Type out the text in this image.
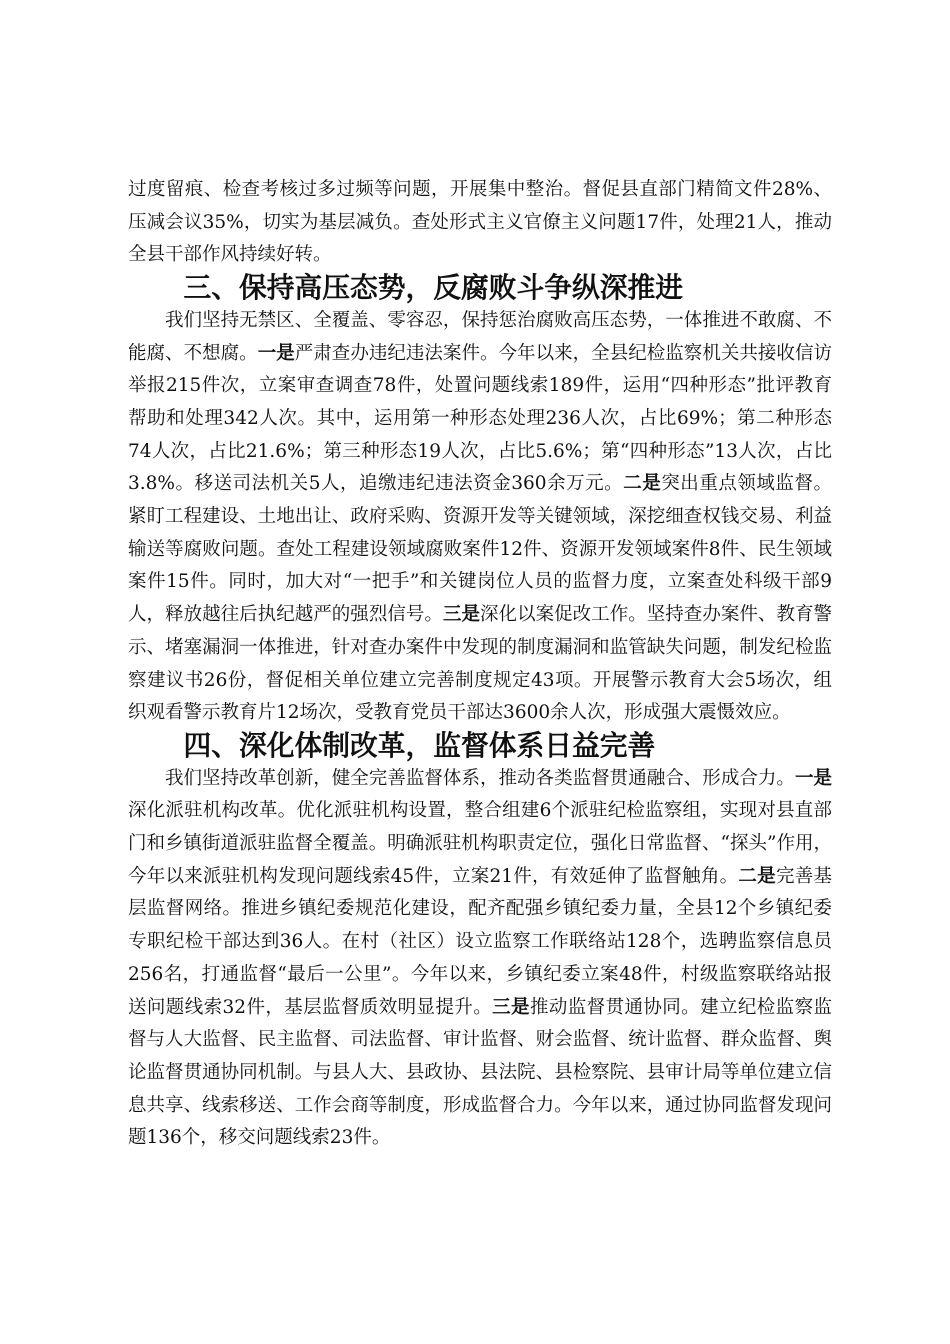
过度留痕、检查考核过多过频等问题，开展集中整治。督促县直部门精简文件28%、压减会议35%，切实为基层减负。查处形式主义官僚主义问题17件，处理21人，推动全县干部作风持续好转。

三、保持高压态势，反腐败斗争纵深推进

我们坚持无禁区、全覆盖、零容忍，保持惩治腐败高压态势，一体推进不敢腐、不能腐、不想腐。一是严肃查办违纪违法案件。今年以来，全县纪检监察机关共接收信访举报215件次，立案审查调查78件，处置问题线索189件，运用“四种形态”批评教育帮助和处理342人次。其中，运用第一种形态处理236人次，占比69%；第二种形态74人次，占比21.6%；第三种形态19人次，占比5.6%；第“四种形态”13人次，占比3.8%。移送司法机关5人，追缴违纪违法资金360余万元。二是突出重点领域监督。紧盯工程建设、土地出让、政府采购、资源开发等关键领域，深挖细查权钱交易、利益输送等腐败问题。查处工程建设领域腐败案件12件、资源开发领域案件8件、民生领域案件15件。同时，加大对“一把手”和关键岗位人员的监督力度，立案查处科级干部9人，释放越往后执纪越严的强烈信号。三是深化以案促改工作。坚持查办案件、教育警示、堵塞漏洞一体推进，针对查办案件中发现的制度漏洞和监管缺失问题，制发纪检监察建议书26份，督促相关单位建立完善制度规定43项。开展警示教育大会5场次，组织观看警示教育片12场次，受教育党员干部达3600余人次，形成强大震慑效应。

四、深化体制改革，监督体系日益完善

我们坚持改革创新，健全完善监督体系，推动各类监督贯通融合、形成合力。一是深化派驻机构改革。优化派驻机构设置，整合组建6个派驻纪检监察组，实现对县直部门和乡镇街道派驻监督全覆盖。明确派驻机构职责定位，强化日常监督、“探头”作用，今年以来派驻机构发现问题线索45件，立案21件，有效延伸了监督触角。二是完善基层监督网络。推进乡镇纪委规范化建设，配齐配强乡镇纪委力量，全县12个乡镇纪委专职纪检干部达到36人。在村（社区）设立监察工作联络站128个，选聘监察信息员256名，打通监督“最后一公里”。今年以来，乡镇纪委立案48件，村级监察联络站报送问题线索32件，基层监督质效明显提升。三是推动监督贯通协同。建立纪检监察监督与人大监督、民主监督、司法监督、审计监督、财会监督、统计监督、群众监督、舆论监督贯通协同机制。与县人大、县政协、县法院、县检察院、县审计局等单位建立信息共享、线索移送、工作会商等制度，形成监督合力。今年以来，通过协同监督发现问题136个，移交问题线索23件。
